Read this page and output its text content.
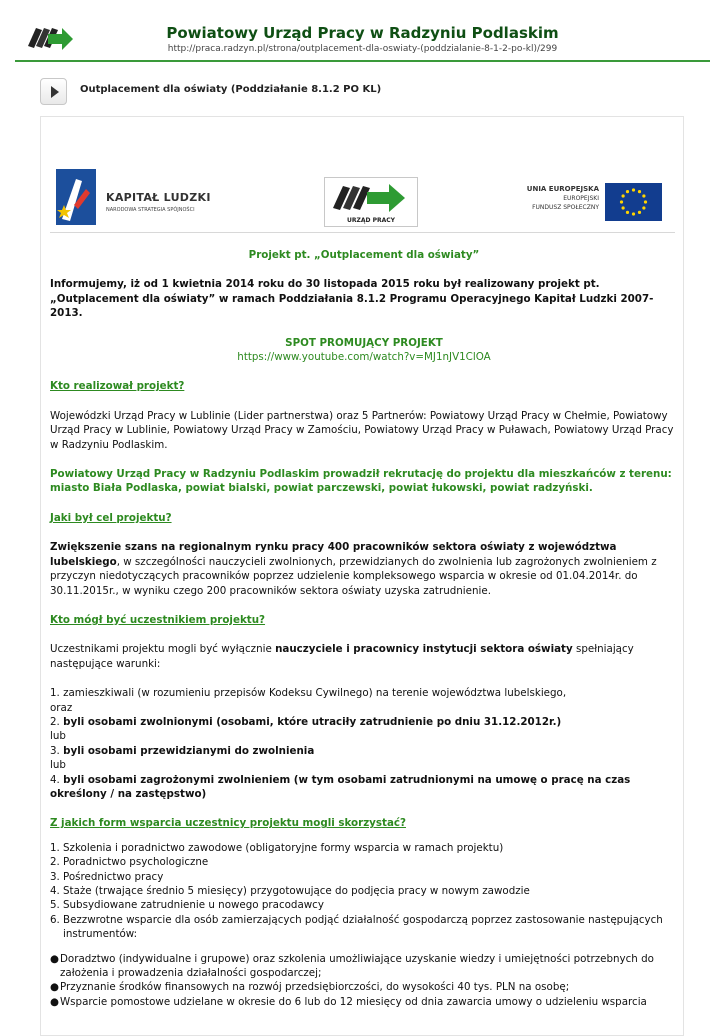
Powiatowy Urząd Pracy w Radzyniu Podlaskim
http://praca.radzyn.pl/strona/outplacement-dla-oswiaty-(poddzialanie-8-1-2-po-kl)/299
Outplacement dla oświaty (Poddziałanie 8.1.2 PO KL)
KAPITAŁ LUDZKI
NARODOWA STRATEGIA SPÓJNOŚCI
URZĄD PRACY
UNIA EUROPEJSKA
EUROPEJSKI
FUNDUSZ SPOŁECZNY

Projekt pt. „Outplacement dla oświaty”

Informujemy, iż od 1 kwietnia 2014 roku do 30 listopada 2015 roku był realizowany projekt pt. „Outplacement dla oświaty” w ramach Poddziałania 8.1.2 Programu Operacyjnego Kapitał Ludzki 2007-2013.

SPOT PROMUJĄCY PROJEKT

https://www.youtube.com/watch?v=MJ1nJV1ClOA

Kto realizował projekt?

Wojewódzki Urząd Pracy w Lublinie (Lider partnerstwa) oraz 5 Partnerów: Powiatowy Urząd Pracy w Chełmie, Powiatowy Urząd Pracy w Lublinie, Powiatowy Urząd Pracy w Zamościu, Powiatowy Urząd Pracy w Puławach, Powiatowy Urząd Pracy w Radzyniu Podlaskim.

Powiatowy Urząd Pracy w Radzyniu Podlaskim prowadził rekrutację do projektu dla mieszkańców z terenu: miasto Biała Podlaska, powiat bialski, powiat parczewski, powiat łukowski, powiat radzyński.

Jaki był cel projektu?

Zwiększenie szans na regionalnym rynku pracy 400 pracowników sektora oświaty z województwa lubelskiego, w szczególności nauczycieli zwolnionych, przewidzianych do zwolnienia lub zagrożonych zwolnieniem z przyczyn niedotyczących pracowników poprzez udzielenie kompleksowego wsparcia w okresie od 01.04.2014r. do 30.11.2015r., w wyniku czego 200 pracowników sektora oświaty uzyska zatrudnienie.

Kto mógł być uczestnikiem projektu?

Uczestnikami projektu mogli być wyłącznie nauczyciele i pracownicy instytucji sektora oświaty spełniający następujące warunki:

1. zamieszkiwali (w rozumieniu przepisów Kodeksu Cywilnego) na terenie województwa lubelskiego,

oraz

2. byli osobami zwolnionymi (osobami, które utraciły zatrudnienie po dniu 31.12.2012r.)

lub

3. byli osobami przewidzianymi do zwolnienia

lub

4. byli osobami zagrożonymi zwolnieniem (w tym osobami zatrudnionymi na umowę o pracę na czas określony / na zastępstwo)

Z jakich form wsparcia uczestnicy projektu mogli skorzystać?

1. Szkolenia i poradnictwo zawodowe (obligatoryjne formy wsparcia w ramach projektu)
2. Poradnictwo psychologiczne
3. Pośrednictwo pracy
4. Staże (trwające średnio 5 miesięcy) przygotowujące do podjęcia pracy w nowym zawodzie
5. Subsydiowane zatrudnienie u nowego pracodawcy
6. Bezzwrotne wsparcie dla osób zamierzających podjąć działalność gospodarczą poprzez zastosowanie następujących instrumentów:
● Doradztwo (indywidualne i grupowe) oraz szkolenia umożliwiające uzyskanie wiedzy i umiejętności potrzebnych do założenia i prowadzenia działalności gospodarczej;
● Przyznanie środków finansowych na rozwój przedsiębiorczości, do wysokości 40 tys. PLN na osobę;
● Wsparcie pomostowe udzielane w okresie do 6 lub do 12 miesięcy od dnia zawarcia umowy o udzieleniu wsparcia
